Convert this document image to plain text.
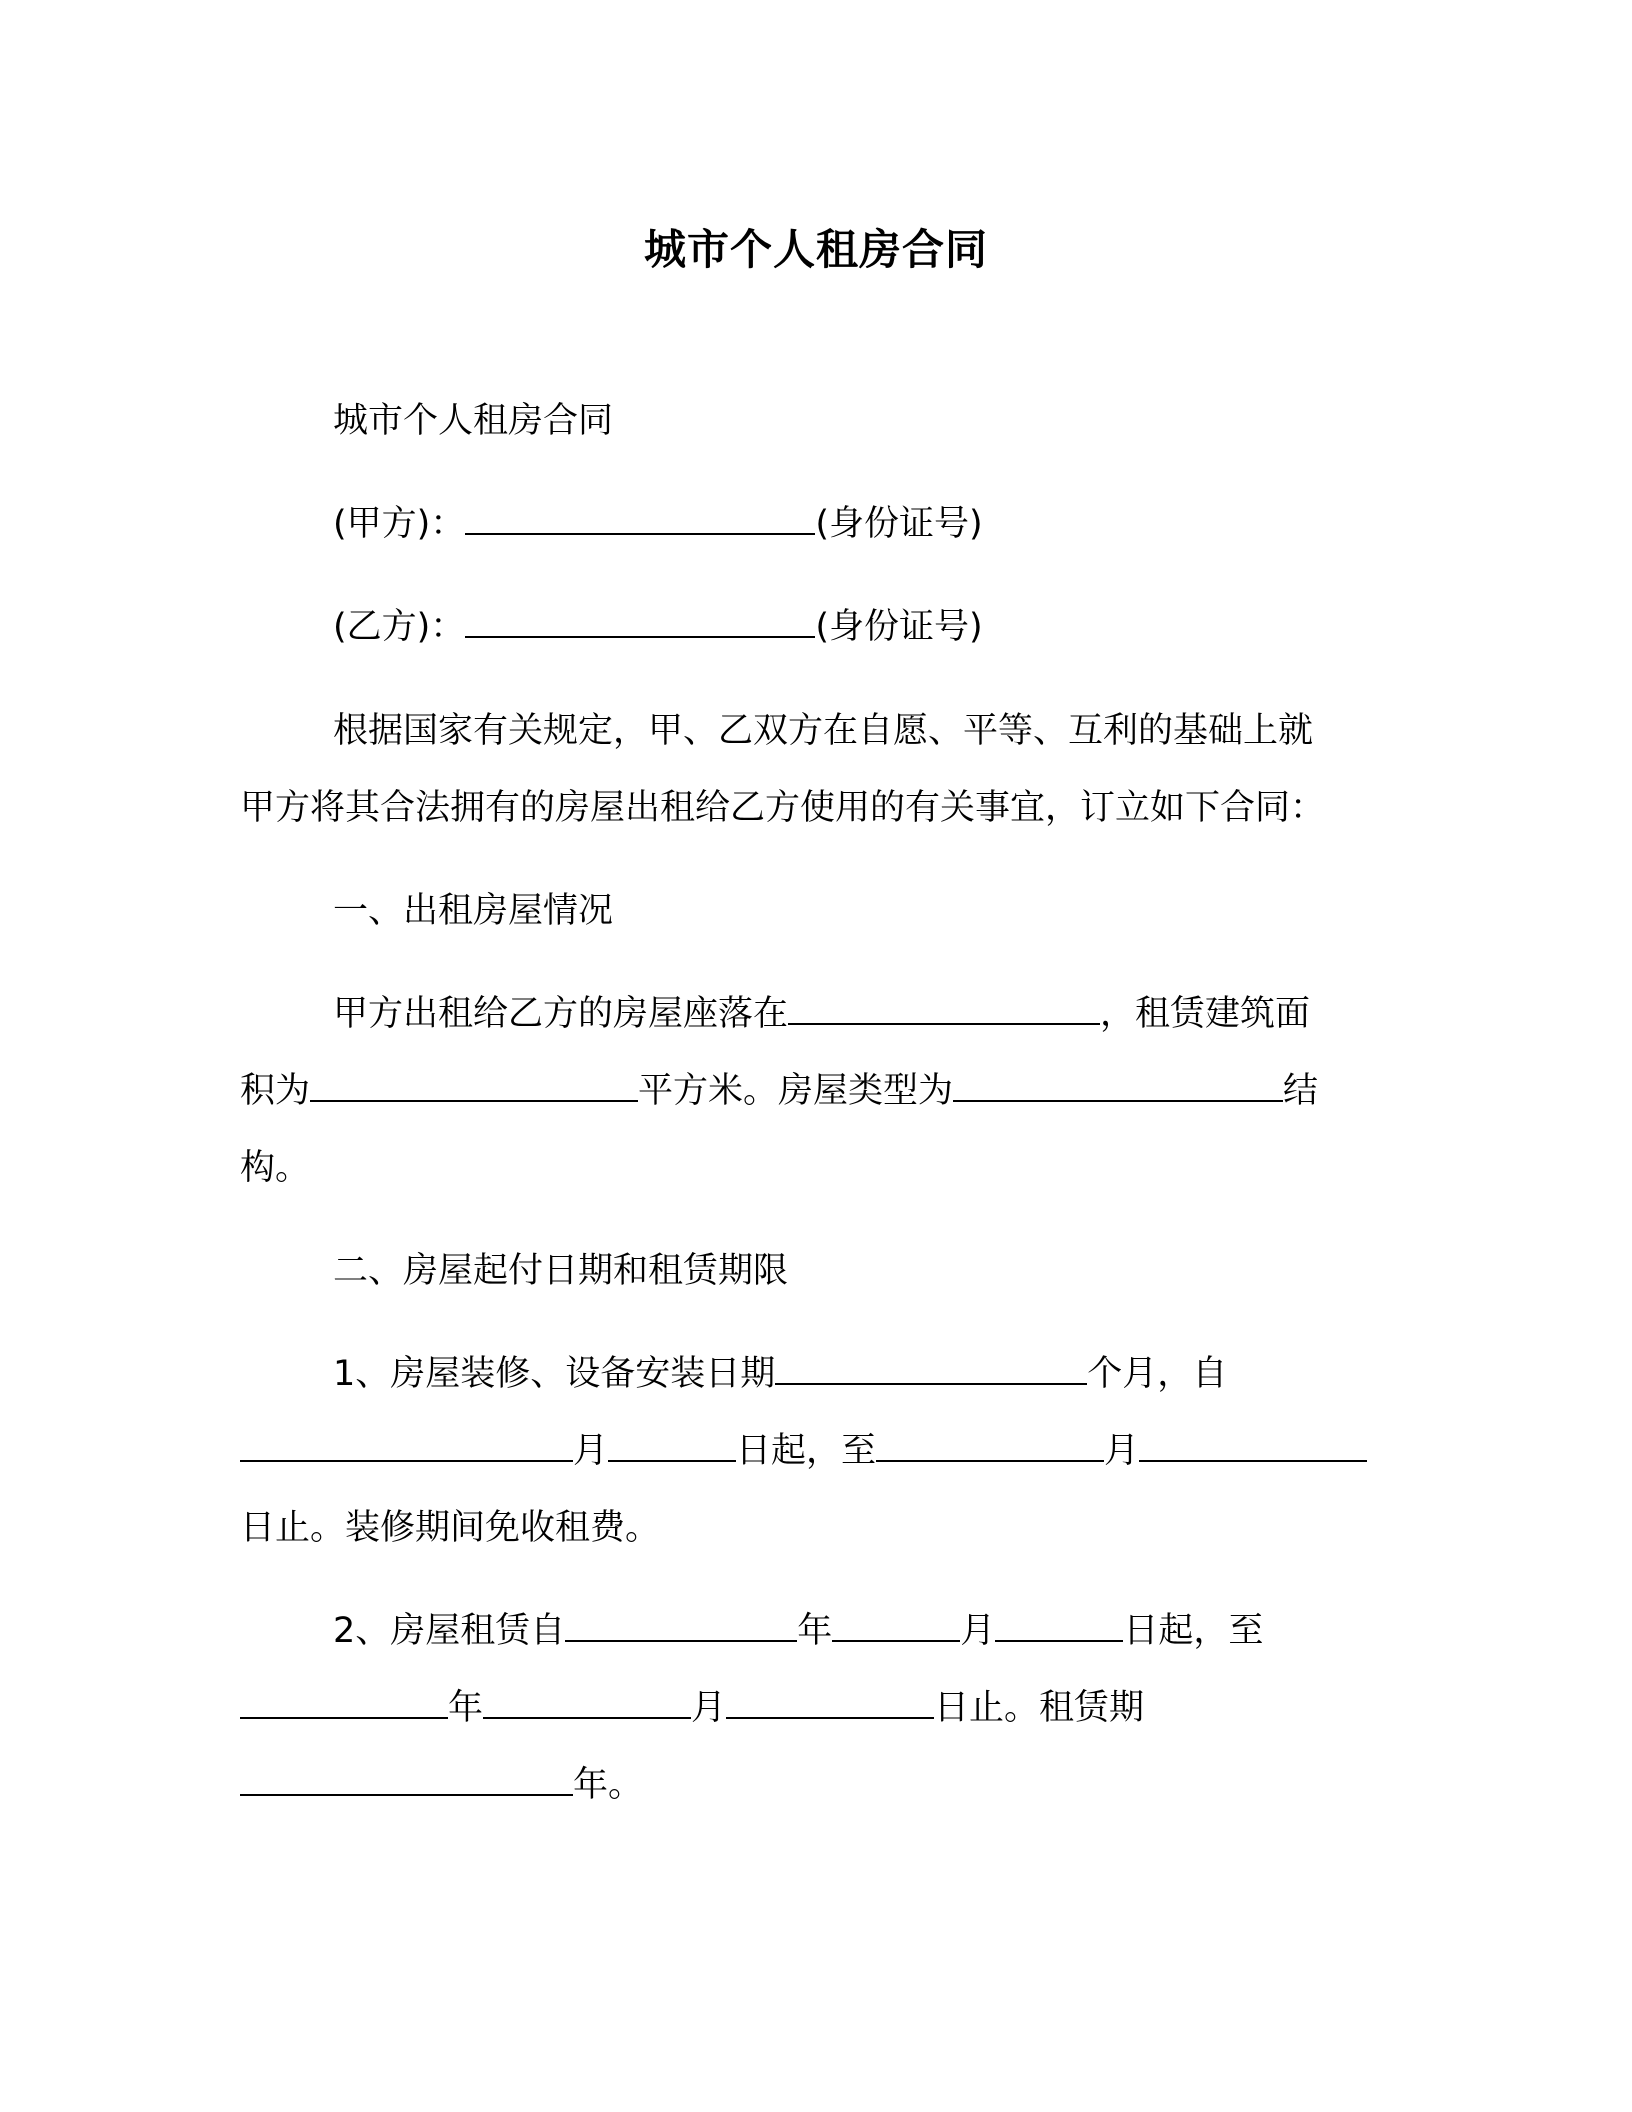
城市个人租房合同
城市个人租房合同
(甲方)：	(身份证号)
(乙方)：	(身份证号)
根据国家有关规定，甲、乙双方在自愿、平等、互利的基础上就
甲方将其合法拥有的房屋出租给乙方使用的有关事宜，订立如下合同：
一、出租房屋情况
甲方出租给乙方的房屋座落在	，租赁建筑面
积为	平方米。房屋类型为	结
构。
二、房屋起付日期和租赁期限
1、房屋装修、设备安装日期	个月，自
月	日起，至	月
日止。装修期间免收租费。
2、房屋租赁自	年	月	日起，至
年	月	日止。租赁期
年。
